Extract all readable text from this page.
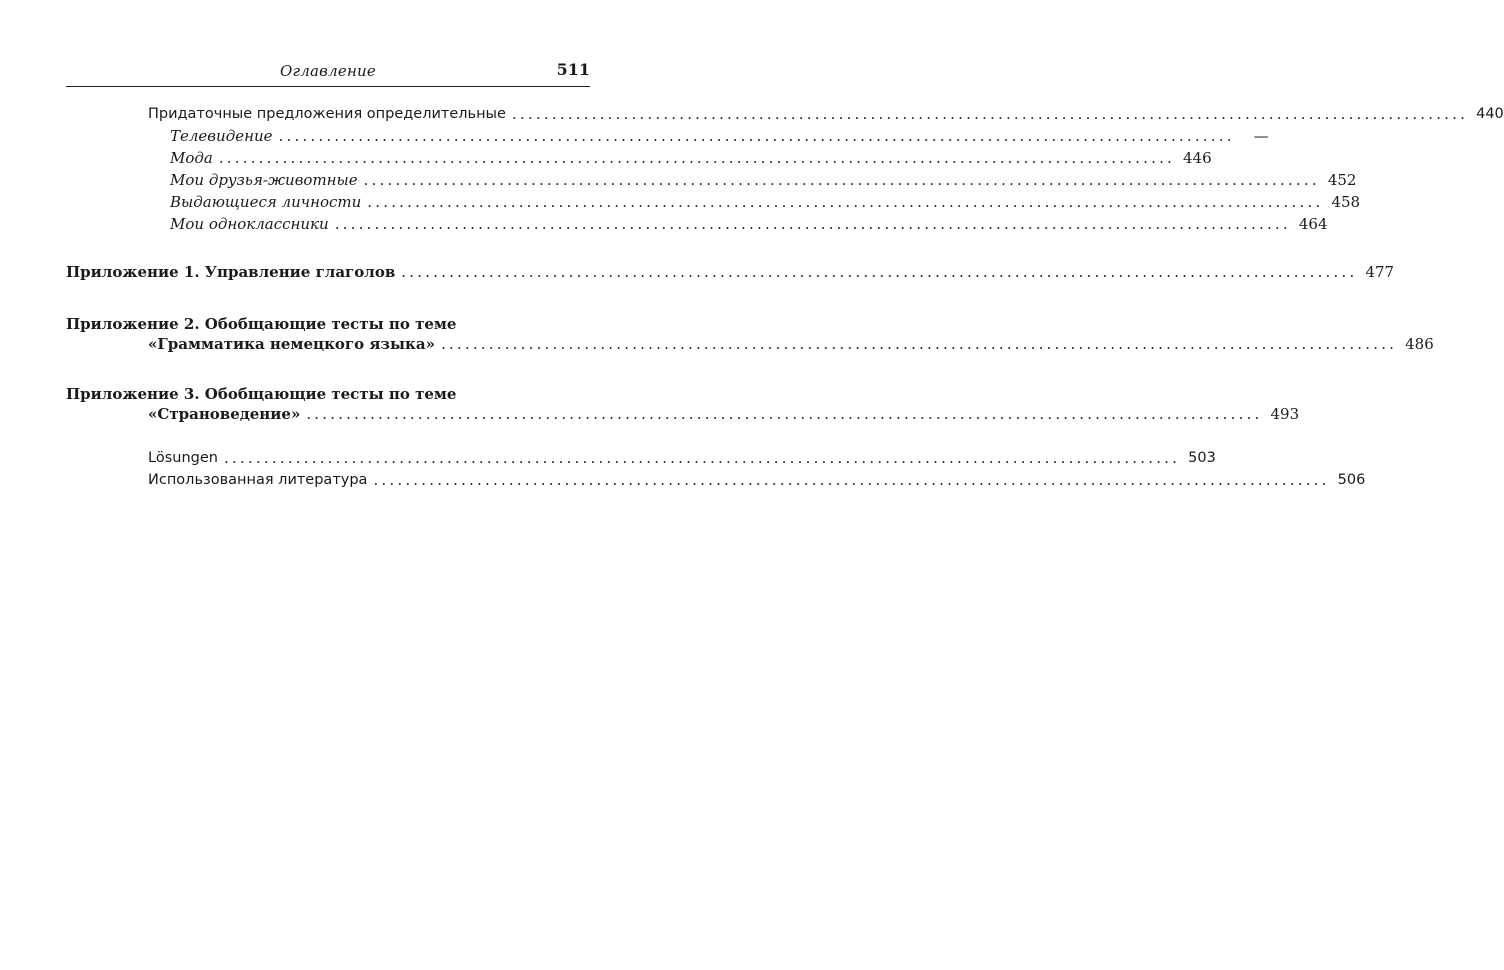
Оглавление	511
Придаточные предложения определительные ........................................................................................................................ 440
Телевидение ........................................................................................................................	—
Мода ........................................................................................................................ 446
Мои друзья-животные ........................................................................................................................ 452
Выдающиеся личности ........................................................................................................................ 458
Мои одноклассники ........................................................................................................................ 464
Приложение 1. Управление глаголов ........................................................................................................................ 477
Приложение 2. Обобщающие тесты по теме
«Грамматика немецкого языка» ........................................................................................................................ 486
Приложение 3. Обобщающие тесты по теме
«Страноведение» ........................................................................................................................ 493
Lösungen ........................................................................................................................ 503
Использованная литература ........................................................................................................................ 506
